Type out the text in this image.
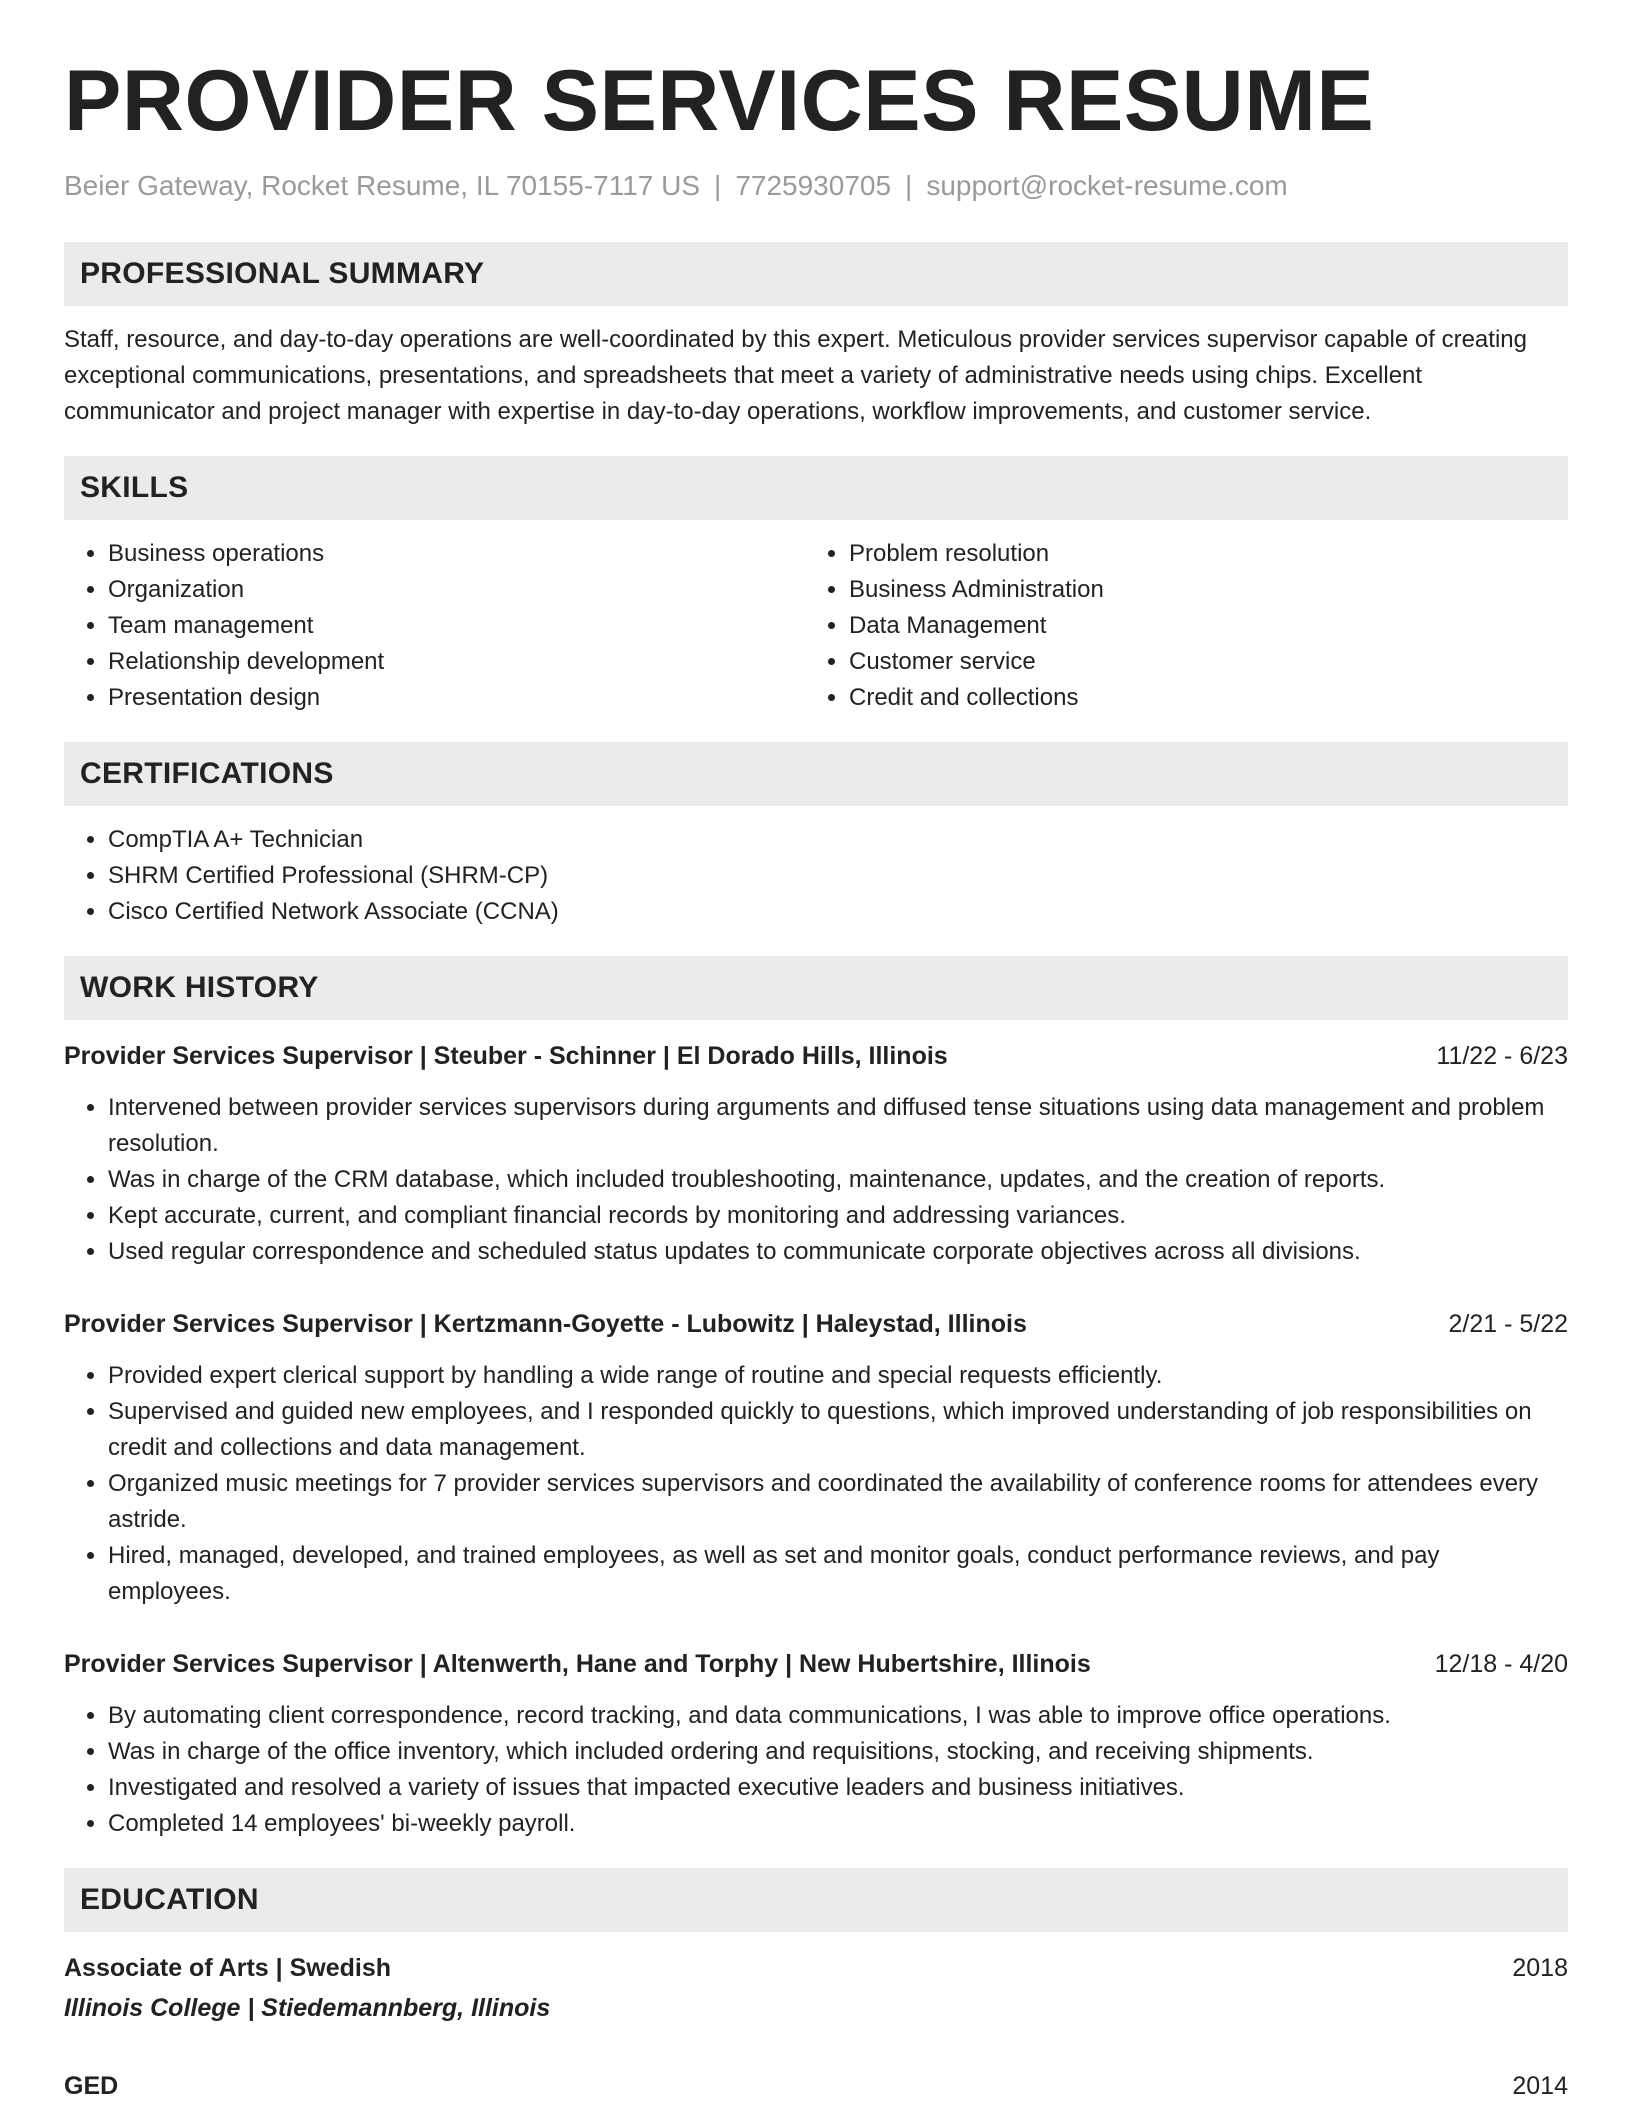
PROVIDER SERVICES RESUME
Beier Gateway, Rocket Resume, IL 70155-7117 US | 7725930705 | support@rocket-resume.com
PROFESSIONAL SUMMARY

Staff, resource, and day-to-day operations are well-coordinated by this expert. Meticulous provider services supervisor capable of creating exceptional communications, presentations, and spreadsheets that meet a variety of administrative needs using chips. Excellent communicator and project manager with expertise in day-to-day operations, workflow improvements, and customer service.

SKILLS
• Business operations
• Organization
• Team management
• Relationship development
• Presentation design
• Problem resolution
• Business Administration
• Data Management
• Customer service
• Credit and collections
CERTIFICATIONS
• CompTIA A+ Technician
• SHRM Certified Professional (SHRM-CP)
• Cisco Certified Network Associate (CCNA)
WORK HISTORY
Provider Services Supervisor | Steuber - Schinner | El Dorado Hills, Illinois	11/22 - 6/23
• Intervened between provider services supervisors during arguments and diffused tense situations using data management and problem resolution.
• Was in charge of the CRM database, which included troubleshooting, maintenance, updates, and the creation of reports.
• Kept accurate, current, and compliant financial records by monitoring and addressing variances.
• Used regular correspondence and scheduled status updates to communicate corporate objectives across all divisions.
Provider Services Supervisor | Kertzmann-Goyette - Lubowitz | Haleystad, Illinois	2/21 - 5/22
• Provided expert clerical support by handling a wide range of routine and special requests efficiently.
• Supervised and guided new employees, and I responded quickly to questions, which improved understanding of job responsibilities on credit and collections and data management.
• Organized music meetings for 7 provider services supervisors and coordinated the availability of conference rooms for attendees every astride.
• Hired, managed, developed, and trained employees, as well as set and monitor goals, conduct performance reviews, and pay employees.
Provider Services Supervisor | Altenwerth, Hane and Torphy | New Hubertshire, Illinois	12/18 - 4/20
• By automating client correspondence, record tracking, and data communications, I was able to improve office operations.
• Was in charge of the office inventory, which included ordering and requisitions, stocking, and receiving shipments.
• Investigated and resolved a variety of issues that impacted executive leaders and business initiatives.
• Completed 14 employees' bi-weekly payroll.
EDUCATION
Associate of Arts | Swedish	2018
Illinois College | Stiedemannberg, Illinois
GED	2014
